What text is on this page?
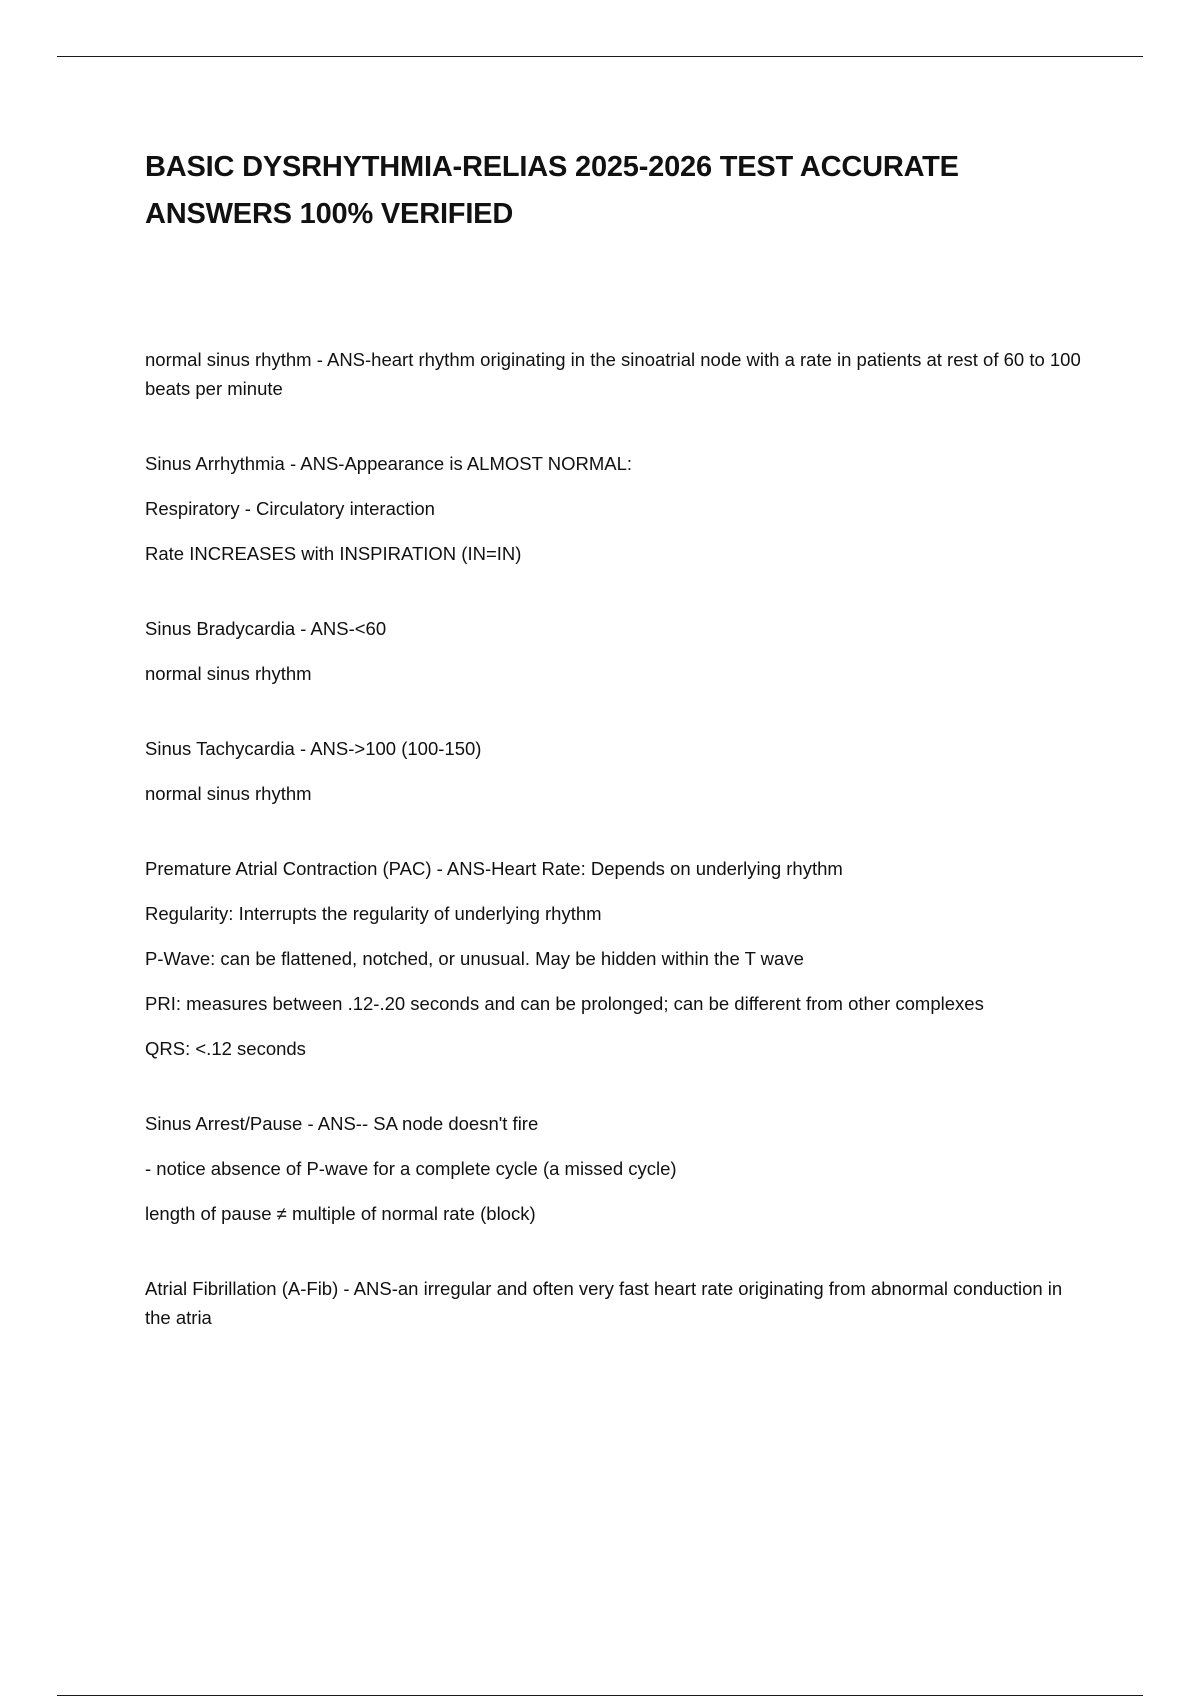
BASIC DYSRHYTHMIA-RELIAS 2025-2026 TEST ACCURATE ANSWERS 100% VERIFIED

normal sinus rhythm - ANS-heart rhythm originating in the sinoatrial node with a rate in patients at rest of 60 to 100 beats per minute

Sinus Arrhythmia - ANS-Appearance is ALMOST NORMAL:

Respiratory - Circulatory interaction

Rate INCREASES with INSPIRATION (IN=IN)

Sinus Bradycardia - ANS-<60

normal sinus rhythm

Sinus Tachycardia - ANS->100 (100-150)

normal sinus rhythm

Premature Atrial Contraction (PAC) - ANS-Heart Rate: Depends on underlying rhythm

Regularity: Interrupts the regularity of underlying rhythm

P-Wave: can be flattened, notched, or unusual. May be hidden within the T wave

PRI: measures between .12-.20 seconds and can be prolonged; can be different from other complexes

QRS: <.12 seconds

Sinus Arrest/Pause - ANS-- SA node doesn't fire

- notice absence of P-wave for a complete cycle (a missed cycle)

length of pause ≠ multiple of normal rate (block)

Atrial Fibrillation (A-Fib) - ANS-an irregular and often very fast heart rate originating from abnormal conduction in the atria
